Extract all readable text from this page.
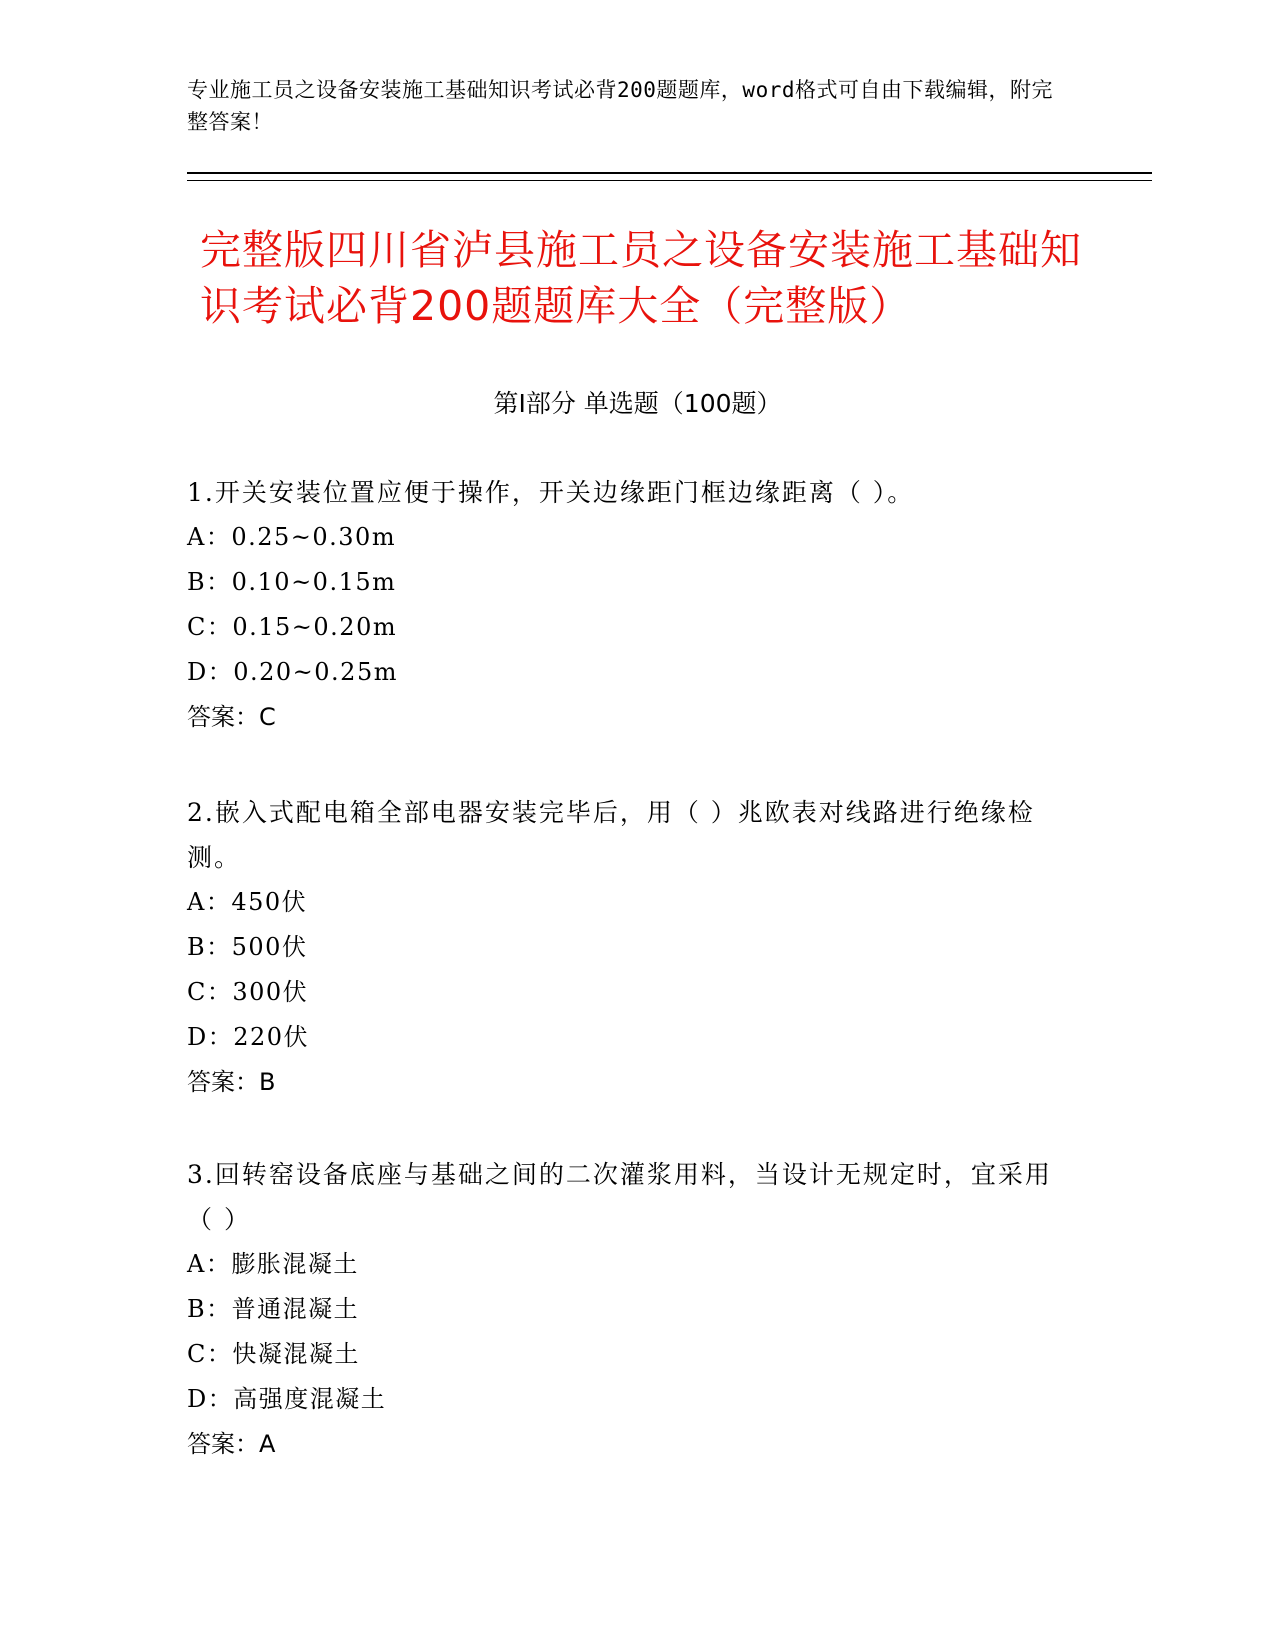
专业施工员之设备安装施工基础知识考试必背200题题库，word格式可自由下载编辑，附完整答案！
完整版四川省泸县施工员之设备安装施工基础知识考试必背200题题库大全（完整版）
第Ⅰ部分 单选题（100题）

1.开关安装位置应便于操作，开关边缘距门框边缘距离（ ）。

A：0.25~0.30m

B：0.10~0.15m

C：0.15~0.20m

D：0.20~0.25m

答案：C

2.嵌入式配电箱全部电器安装完毕后，用（ ）兆欧表对线路进行绝缘检测。

A：450伏

B：500伏

C：300伏

D：220伏

答案：B

3.回转窑设备底座与基础之间的二次灌浆用料，当设计无规定时，宜采用（ ）

A：膨胀混凝土

B：普通混凝土

C：快凝混凝土

D：高强度混凝土

答案：A
